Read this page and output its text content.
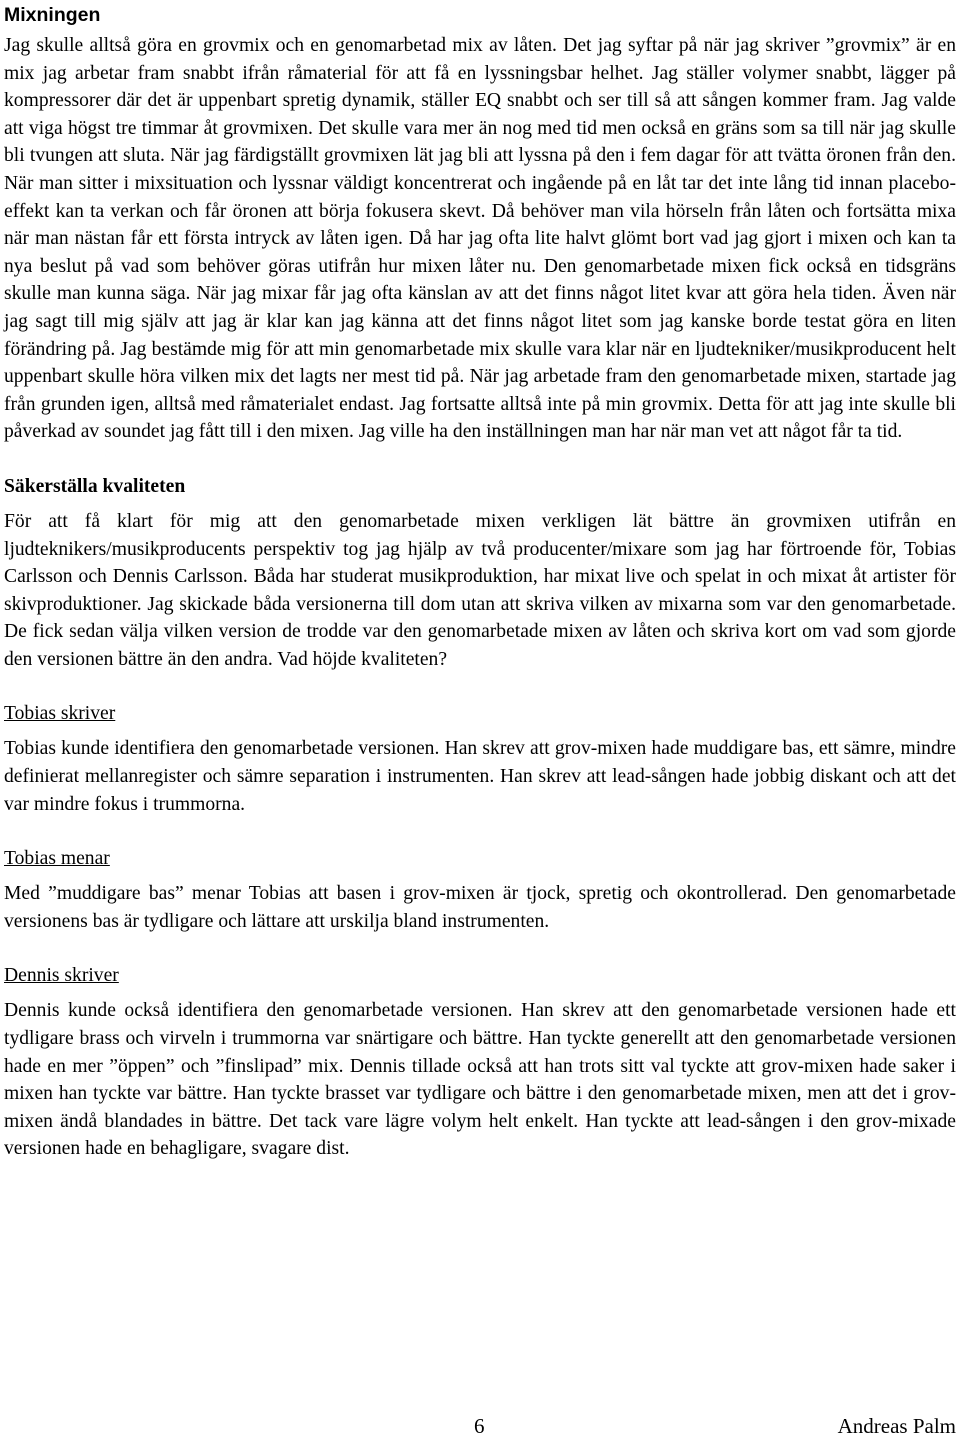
Mixningen

Jag skulle alltså göra en grovmix och en genomarbetad mix av låten. Det jag syftar på när jag skriver ”grovmix” är en mix jag arbetar fram snabbt ifrån råmaterial för att få en lyssningsbar helhet. Jag ställer volymer snabbt, lägger på kompressorer där det är uppenbart spretig dynamik, ställer EQ snabbt och ser till så att sången kommer fram. Jag valde att viga högst tre timmar åt grovmixen. Det skulle vara mer än nog med tid men också en gräns som sa till när jag skulle bli tvungen att sluta. När jag färdigställt grovmixen lät jag bli att lyssna på den i fem dagar för att tvätta öronen från den. När man sitter i mixsituation och lyssnar väldigt koncentrerat och ingående på en låt tar det inte lång tid innan placebo-effekt kan ta verkan och får öronen att börja fokusera skevt. Då behöver man vila hörseln från låten och fortsätta mixa när man nästan får ett första intryck av låten igen. Då har jag ofta lite halvt glömt bort vad jag gjort i mixen och kan ta nya beslut på vad som behöver göras utifrån hur mixen låter nu. Den genomarbetade mixen fick också en tidsgräns skulle man kunna säga. När jag mixar får jag ofta känslan av att det finns något litet kvar att göra hela tiden. Även när jag sagt till mig själv att jag är klar kan jag känna att det finns något litet som jag kanske borde testat göra en liten förändring på. Jag bestämde mig för att min genomarbetade mix skulle vara klar när en ljudtekniker/musikproducent helt uppenbart skulle höra vilken mix det lagts ner mest tid på. När jag arbetade fram den genomarbetade mixen, startade jag från grunden igen, alltså med råmaterialet endast. Jag fortsatte alltså inte på min grovmix. Detta för att jag inte skulle bli påverkad av soundet jag fått till i den mixen. Jag ville ha den inställningen man har när man vet att något får ta tid.

Säkerställa kvaliteten

För att få klart för mig att den genomarbetade mixen verkligen lät bättre än grovmixen utifrån en ljudteknikers/musikproducents perspektiv tog jag hjälp av två producenter/mixare som jag har förtroende för, Tobias Carlsson och Dennis Carlsson. Båda har studerat musikproduktion, har mixat live och spelat in och mixat åt artister för skivproduktioner. Jag skickade båda versionerna till dom utan att skriva vilken av mixarna som var den genomarbetade. De fick sedan välja vilken version de trodde var den genomarbetade mixen av låten och skriva kort om vad som gjorde den versionen bättre än den andra. Vad höjde kvaliteten?

Tobias skriver

Tobias kunde identifiera den genomarbetade versionen. Han skrev att grov-mixen hade muddigare bas, ett sämre, mindre definierat mellanregister och sämre separation i instrumenten. Han skrev att lead-sången hade jobbig diskant och att det var mindre fokus i trummorna.

Tobias menar

Med ”muddigare bas” menar Tobias att basen i grov-mixen är tjock, spretig och okontrollerad. Den genomarbetade versionens bas är tydligare och lättare att urskilja bland instrumenten.

Dennis skriver

Dennis kunde också identifiera den genomarbetade versionen. Han skrev att den genomarbetade versionen hade ett tydligare brass och virveln i trummorna var snärtigare och bättre. Han tyckte generellt att den genomarbetade versionen hade en mer ”öppen” och ”finslipad” mix. Dennis tillade också att han trots sitt val tyckte att grov-mixen hade saker i mixen han tyckte var bättre. Han tyckte brasset var tydligare och bättre i den genomarbetade mixen, men att det i grov-mixen ändå blandades in bättre. Det tack vare lägre volym helt enkelt. Han tyckte att lead-sången i den grov-mixade versionen hade en behagligare, svagare dist.

6	Andreas Palm
